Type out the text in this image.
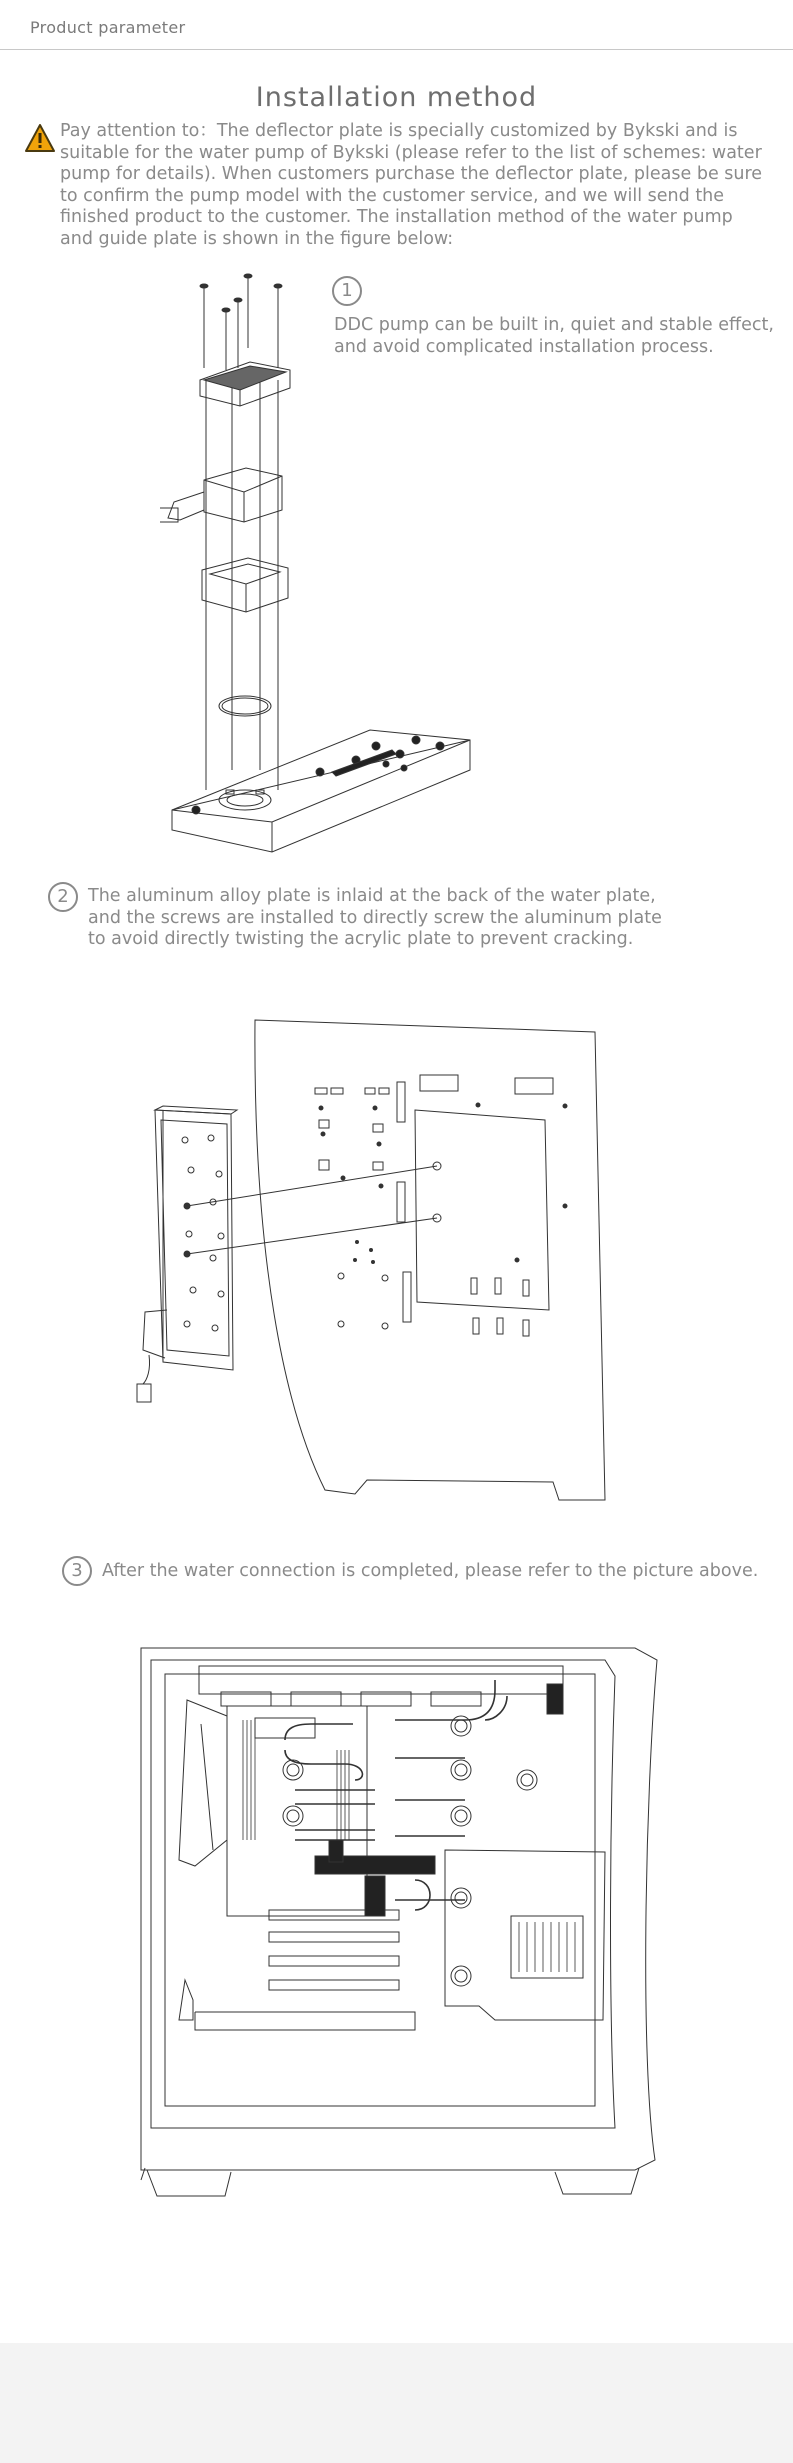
Product parameter
Installation method

Pay attention to：The deflector plate is specially customized by Bykski and is suitable for the water pump of Bykski (please refer to the list of schemes: water pump for details). When customers purchase the deflector plate, please be sure to confirm the pump model with the customer service, and we will send the finished product to the customer. The installation method of the water pump and guide plate is shown in the figure below:

1
DDC pump can be built in, quiet and stable effect,
and avoid complicated installation process.
2	The aluminum alloy plate is inlaid at the back of the water plate,
and the screws are installed to directly screw the aluminum plate
to avoid directly twisting the acrylic plate to prevent cracking.
3	After the water connection is completed, please refer to the picture above.
